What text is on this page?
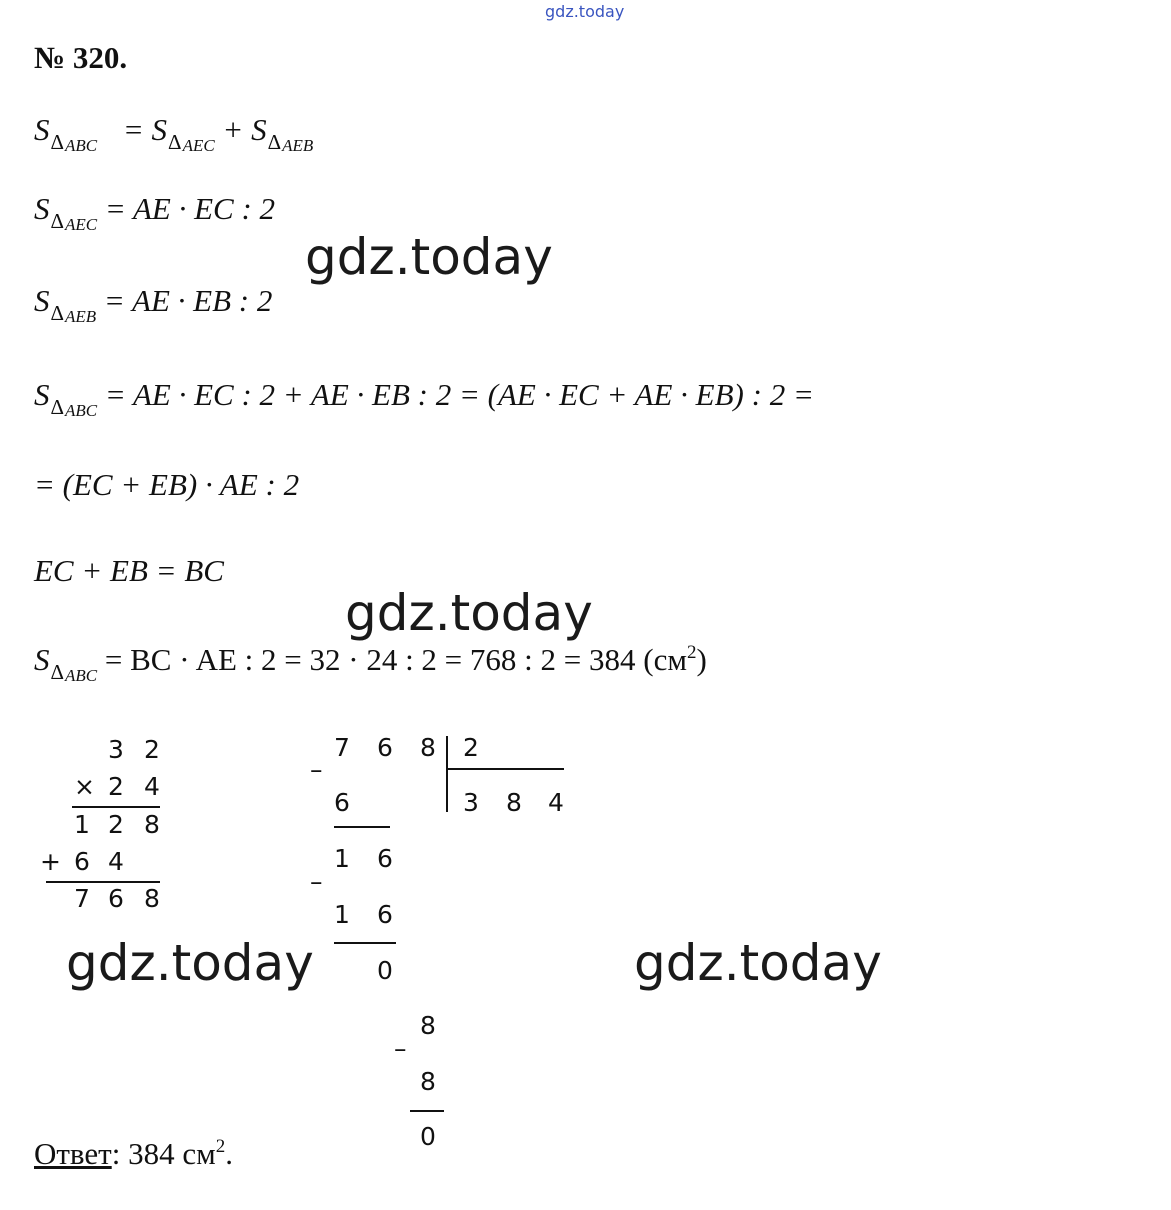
gdz.today
№ 320.
$S_{\Delta ABC} = S_{\Delta AEC} + S_{\Delta AEB}$
$S_{\Delta AEC}$ = AE · EC : 2
gdz.today
$S_{\Delta AEB}$ = AE · EB : 2
$S_{\Delta ABC}$ = AE · EC : 2 + AE · EB : 2 = (AE · EC + AE · EB) : 2 =
= (EC + EB) · AE : 2
EC + EB = BC
gdz.today
$S_{\Delta ABC}$ = BC · AE : 2 = 32 · 24 : 2 = 768 : 2 = 384 $(см^2)$
3 2
× 2 4
1 2 8
+ 6 4
7 6 8
7 6 8 2
3 8 4
–
6
1 6
–
1 6
0
8
–
8
0
gdz.today	gdz.today
Ответ: 384 $см^2$.
